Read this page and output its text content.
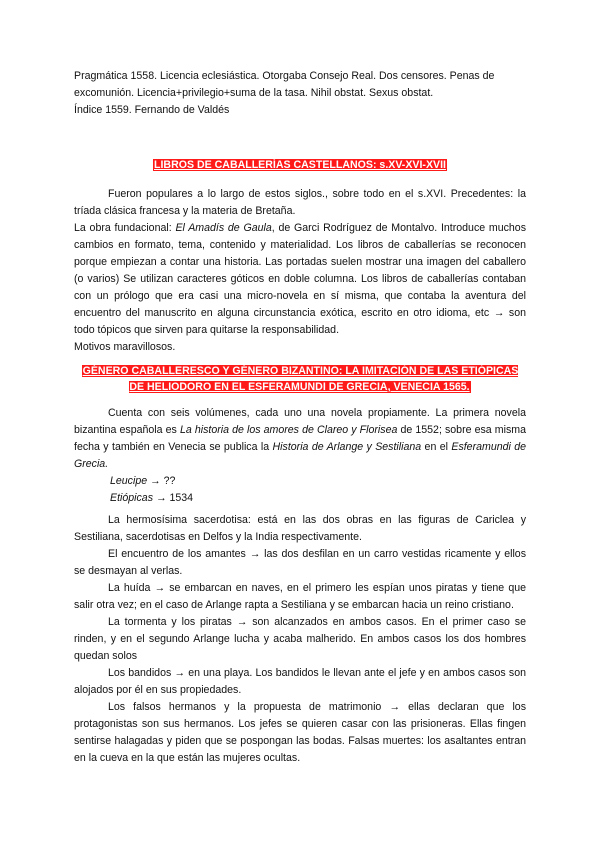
Pragmática 1558. Licencia eclesiástica. Otorgaba Consejo Real. Dos censores. Penas de excomunión. Licencia+privilegio+suma de la tasa. Nihil obstat. Sexus obstat.

Índice 1559. Fernando de Valdés

LIBROS DE CABALLERÍAS CASTELLANOS: s.XV-XVI-XVII

Fueron populares a lo largo de estos siglos., sobre todo en el s.XVI. Precedentes: la tríada clásica francesa y la materia de Bretaña.

La obra fundacional: El Amadís de Gaula, de Garci Rodríguez de Montalvo. Introduce muchos cambios en formato, tema, contenido y materialidad. Los libros de caballerías se reconocen porque empiezan a contar una historia. Las portadas suelen mostrar una imagen del caballero (o varios) Se utilizan caracteres góticos en doble columna. Los libros de caballerías contaban con un prólogo que era casi una micro-novela en sí misma, que contaba la aventura del encuentro del manuscrito en alguna circunstancia exótica, escrito en otro idioma, etc → son todo tópicos que sirven para quitarse la responsabilidad.

Motivos maravillosos.

GÉNERO CABALLERESCO Y GÉNERO BIZANTINO: LA IMITACIÓN DE LAS ETIÓPICAS DE HELIODORO EN EL ESFERAMUNDI DE GRECIA, VENECIA 1565.

Cuenta con seis volúmenes, cada uno una novela propiamente. La primera novela bizantina española es La historia de los amores de Clareo y Florisea de 1552; sobre esa misma fecha y también en Venecia se publica la Historia de Arlange y Sestiliana en el Esferamundi de Grecia.

Leucipe → ??

Etiópicas → 1534

La hermosísima sacerdotisa: está en las dos obras en las figuras de Cariclea y Sestiliana, sacerdotisas en Delfos y la India respectivamente.

El encuentro de los amantes → las dos desfilan en un carro vestidas ricamente y ellos se desmayan al verlas.

La huída → se embarcan en naves, en el primero les espían unos piratas y tiene que salir otra vez; en el caso de Arlange rapta a Sestiliana y se embarcan hacia un reino cristiano.

La tormenta y los piratas → son alcanzados en ambos casos. En el primer caso se rinden, y en el segundo Arlange lucha y acaba malherido. En ambos casos los dos hombres quedan solos

Los bandidos → en una playa. Los bandidos le llevan ante el jefe y en ambos casos son alojados por él en sus propiedades.

Los falsos hermanos y la propuesta de matrimonio → ellas declaran que los protagonistas son sus hermanos. Los jefes se quieren casar con las prisioneras. Ellas fingen sentirse halagadas y piden que se pospongan las bodas. Falsas muertes: los asaltantes entran en la cueva en la que están las mujeres ocultas.
